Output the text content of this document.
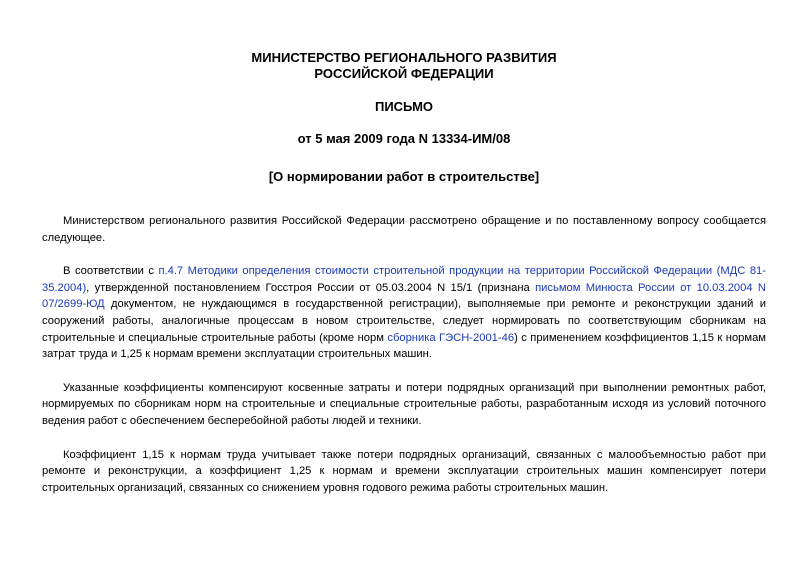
МИНИСТЕРСТВО РЕГИОНАЛЬНОГО РАЗВИТИЯ

РОССИЙСКОЙ ФЕДЕРАЦИИ

ПИСЬМО

от 5 мая 2009 года N 13334-ИМ/08

[О нормировании работ в строительстве]

Министерством регионального развития Российской Федерации рассмотрено обращение и по поставленному вопросу сообщается следующее.

В соответствии с п.4.7 Методики определения стоимости строительной продукции на территории Российской Федерации (МДС 81-35.2004), утвержденной постановлением Госстроя России от 05.03.2004 N 15/1 (признана письмом Минюста России от 10.03.2004 N 07/2699-ЮД документом, не нуждающимся в государственной регистрации), выполняемые при ремонте и реконструкции зданий и сооружений работы, аналогичные процессам в новом строительстве, следует нормировать по соответствующим сборникам на строительные и специальные строительные работы (кроме норм сборника ГЭСН-2001-46) с применением коэффициентов 1,15 к нормам затрат труда и 1,25 к нормам времени эксплуатации строительных машин.

Указанные коэффициенты компенсируют косвенные затраты и потери подрядных организаций при выполнении ремонтных работ, нормируемых по сборникам норм на строительные и специальные строительные работы, разработанным исходя из условий поточного ведения работ с обеспечением бесперебойной работы людей и техники.

Коэффициент 1,15 к нормам труда учитывает также потери подрядных организаций, связанных с малообъемностью работ при ремонте и реконструкции, а коэффициент 1,25 к нормам и времени эксплуатации строительных машин компенсирует потери строительных организаций, связанных со снижением уровня годового режима работы строительных машин.
